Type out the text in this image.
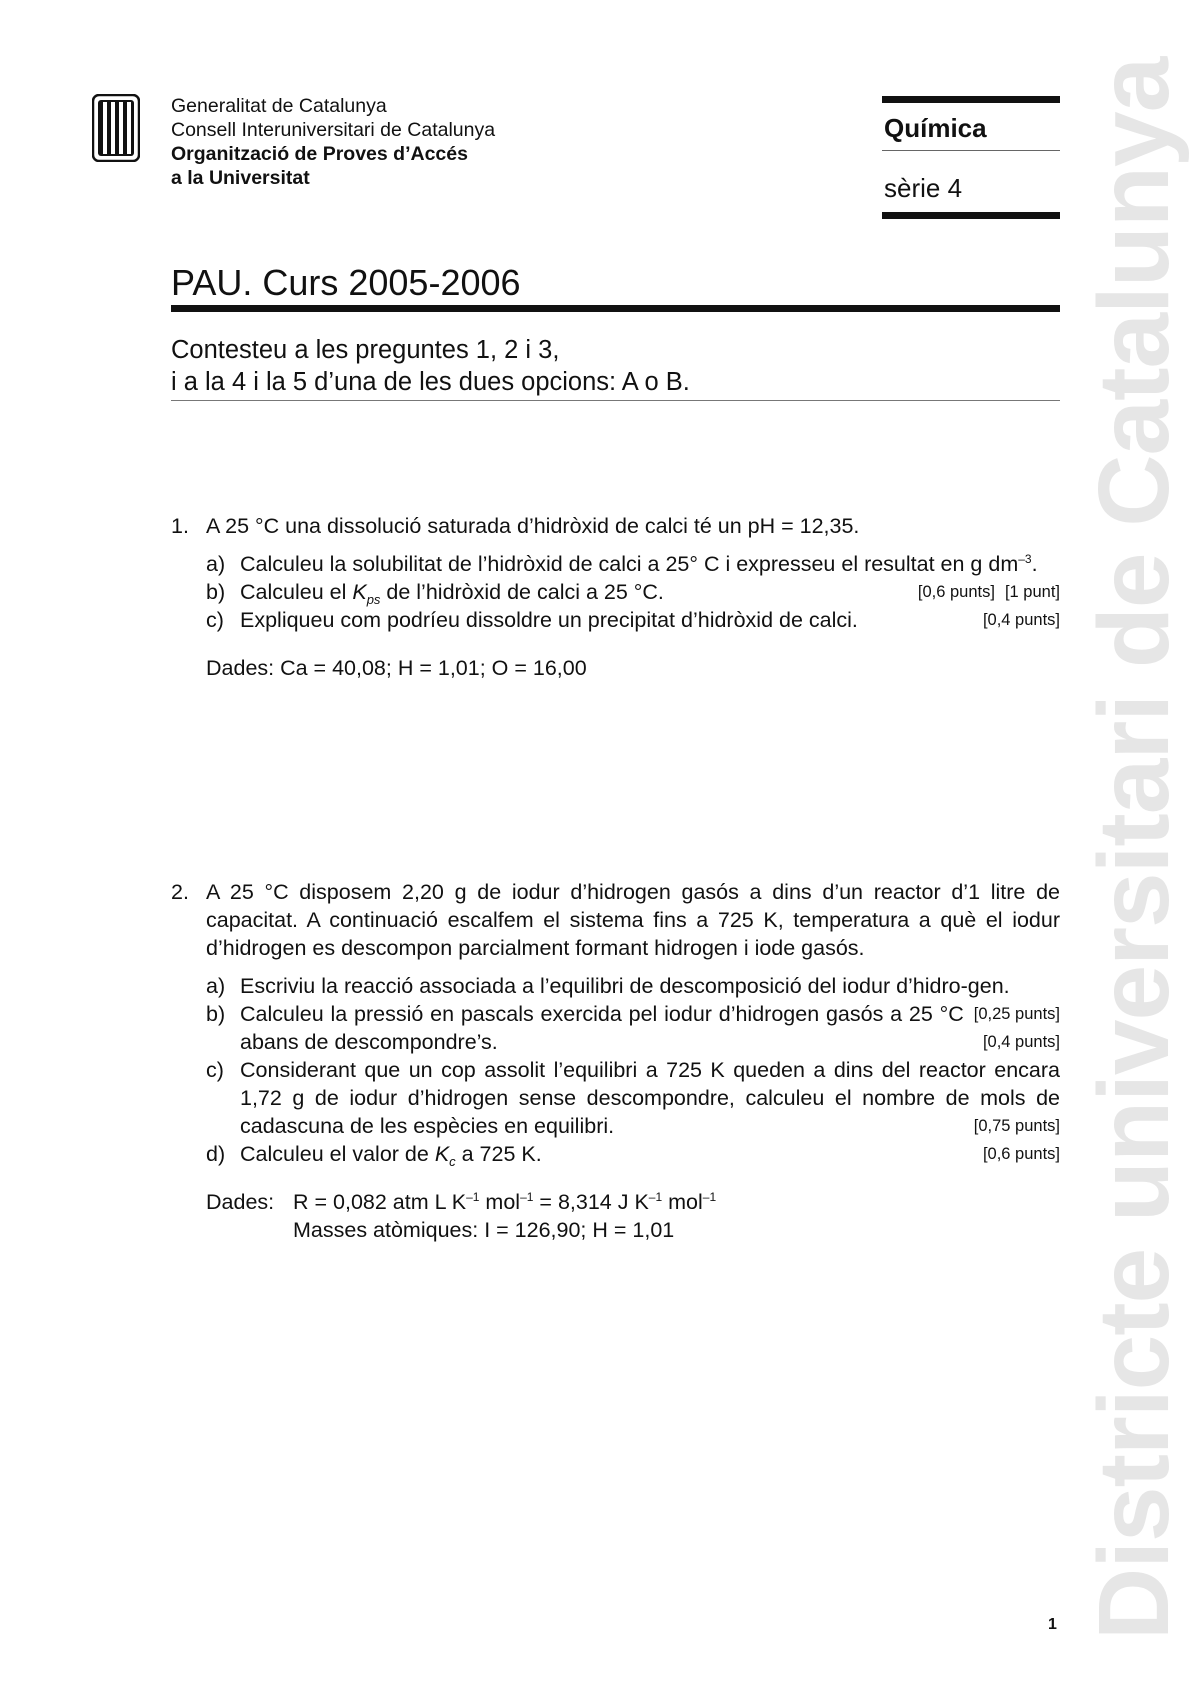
Generalitat de Catalunya
Consell Interuniversitari de Catalunya
Organització de Proves d’Accés
a la Universitat
Química
sèrie 4
PAU. Curs 2005-2006
Contesteu a les preguntes 1, 2 i 3,
i a la 4 i la 5 d’una de les dues opcions: A o B.
1. A 25 °C una dissolució saturada d’hidròxid de calci té un pH = 12,35.
a) Calculeu la solubilitat de l’hidròxid de calci a 25° C i expresseu el resultat en g $dm^{-3}$.
[1 punt]
b)	[0,6 punts]
Calculeu el $K_{ps}$ de l’hidròxid de calci a 25 °C.
c)	[0,4 punts]
Expliqueu com podríeu dissoldre un precipitat d’hidròxid de calci.
Dades: Ca = 40,08; H = 1,01; O = 16,00
2. A 25 °C disposem 2,20 g de iodur d’hidrogen gasós a dins d’un reactor d’1 litre de capacitat. A continuació escalfem el sistema fins a 725 K, temperatura a què el iodur d’hidrogen es descompon parcialment formant hidrogen i iode gasós.
a) Escriviu la reacció associada a l’equilibri de descomposició del iodur d’hidro-gen.
[0,25 punts]
b) Calculeu la pressió en pascals exercida pel iodur d’hidrogen gasós a 25 °C abans de descompondre’s.	[0,4 punts]
c) Considerant que un cop assolit l’equilibri a 725 K queden a dins del reactor encara 1,72 g de iodur d’hidrogen sense descompondre, calculeu el nombre de mols de cadascuna de les espècies en equilibri.	[0,75 punts]
d)	[0,6 punts]
Calculeu el valor de $K_c$ a 725 K.
Dades: R = 0,082 atm L $K^{-1}$ mol$^{-1}$ = 8,314 J $K^{-1}$ mol$^{-1}$
Masses atòmiques: I = 126,90; H = 1,01	Districte universitari de Catalunya
1
